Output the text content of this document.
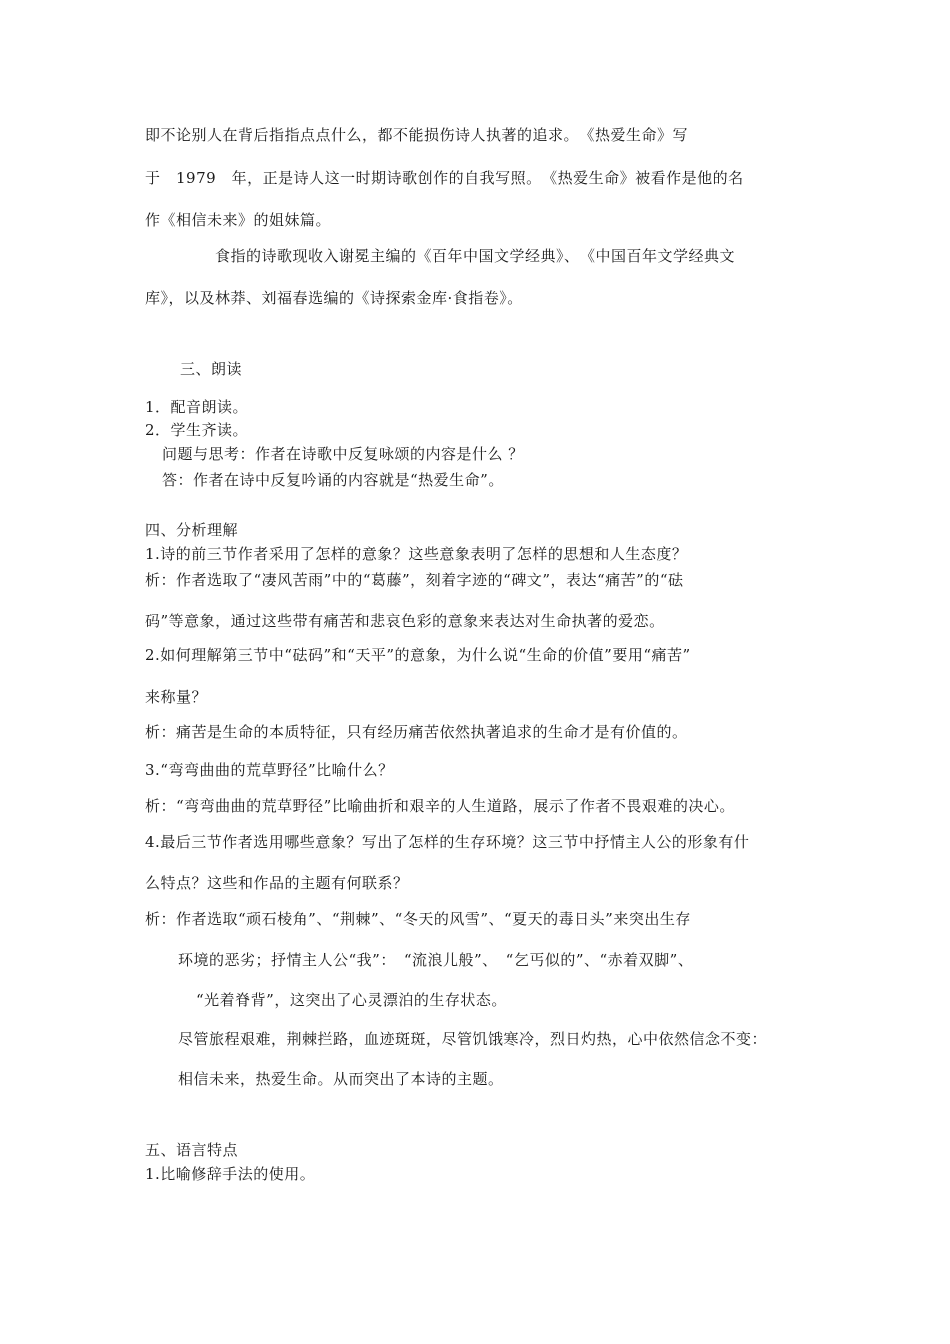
即不论别人在背后指指点点什么，都不能损伤诗人执著的追求。　《热爱生命》写
于　1979　年，正是诗人这一时期诗歌创作的自我写照。　《热爱生命》被看作是他的名
作《相信未来》的姐妹篇。
食指的诗歌现收入谢冕主编的《百年中国文学经典》、　《中国百年文学经典文
库》，以及林莽、刘福春选编的《诗探索金库·食指卷》。
三、朗读
1．配音朗读。
2．学生齐读。
问题与思考：作者在诗歌中反复咏颂的内容是什么 ？
答：作者在诗中反复吟诵的内容就是“热爱生命”。
四、分析理解
1.诗的前三节作者采用了怎样的意象？这些意象表明了怎样的思想和人生态度？
析：作者选取了“凄风苦雨”中的“葛藤”，刻着字迹的“碑文”，表达“痛苦”的“砝
码”等意象，通过这些带有痛苦和悲哀色彩的意象来表达对生命执著的爱恋。
2.如何理解第三节中“砝码”和“天平”的意象，为什么说“生命的价值”要用“痛苦”
来称量？
析：痛苦是生命的本质特征，只有经历痛苦依然执著追求的生命才是有价值的。
3.“弯弯曲曲的荒草野径”比喻什么？
析：“弯弯曲曲的荒草野径”比喻曲折和艰辛的人生道路，展示了作者不畏艰难的决心。
4.最后三节作者选用哪些意象？写出了怎样的生存环境？这三节中抒情主人公的形象有什
么特点？这些和作品的主题有何联系？
析：作者选取“顽石棱角”、“荆棘”、“冬天的风雪”、“夏天的毒日头”来突出生存
环境的恶劣；抒情主人公“我”：　“流浪儿般”、　“乞丐似的”、“赤着双脚”、
“光着脊背”，这突出了心灵漂泊的生存状态。
尽管旅程艰难，荆棘拦路，血迹斑斑，尽管饥饿寒冷，烈日灼热，心中依然信念不变：
相信未来，热爱生命。从而突出了本诗的主题。
五、语言特点
1.比喻修辞手法的使用。
